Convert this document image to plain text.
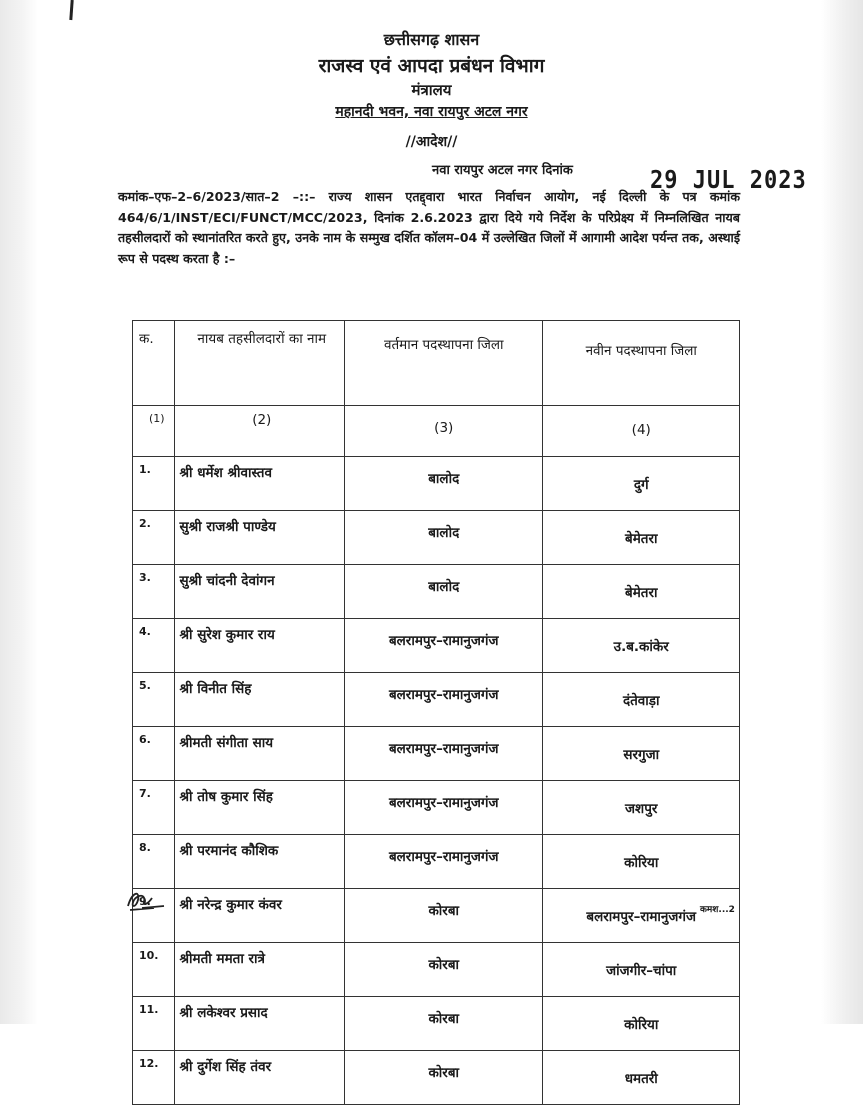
छत्तीसगढ़ शासन
राजस्व एवं आपदा प्रबंधन विभाग
मंत्रालय
महानदी भवन, नवा रायपुर अटल नगर
//आदेश//
नवा रायपुर अटल नगर दिनांक	29 JUL 2023
कमांक–एफ–2–6/2023/सात–2 –::– राज्य शासन एतद्द्वारा भारत निर्वाचन आयोग, नई दिल्ली के पत्र कमांक 464/6/1/INST/ECI/FUNCT/MCC/2023, दिनांक 2.6.2023 द्वारा दिये गये निर्देश के परिप्रेक्ष्य में निम्नलिखित नायब तहसीलदारों को स्थानांतरित करते हुए, उनके नाम के सम्मुख दर्शित कॉलम–04 में उल्लेखित जिलों में आगामी आदेश पर्यन्त तक, अस्थाई रूप से पदस्थ करता है :–
क.	नायब तहसीलदारों का नाम	वर्तमान पदस्थापना जिला	नवीन पदस्थापना जिला
(1)	(2)	(3)	(4)
1.	श्री धर्मेश श्रीवास्तव	बालोद	दुर्ग
2.	सुश्री राजश्री पाण्डेय	बालोद	बेमेतरा
3.	सुश्री चांदनी देवांगन	बालोद	बेमेतरा
4.	श्री सुरेश कुमार राय	बलरामपुर–रामानुजगंज	उ.ब.कांकेर
5.	श्री विनीत सिंह	बलरामपुर–रामानुजगंज	दंतेवाड़ा
6.	श्रीमती संगीता साय	बलरामपुर–रामानुजगंज	सरगुजा
7.	श्री तोष कुमार सिंह	बलरामपुर–रामानुजगंज	जशपुर
8.	श्री परमानंद कौशिक	बलरामपुर–रामानुजगंज	कोरिया
9.	श्री नरेन्द्र कुमार कंवर	कोरबा	बलरामपुर–रामानुजगंज
10.	श्रीमती ममता रात्रे	कोरबा	जांजगीर–चांपा
11.	श्री लकेश्वर प्रसाद	कोरबा	कोरिया
12.	श्री दुर्गेश सिंह तंवर	कोरबा	धमतरी
कमश...2
